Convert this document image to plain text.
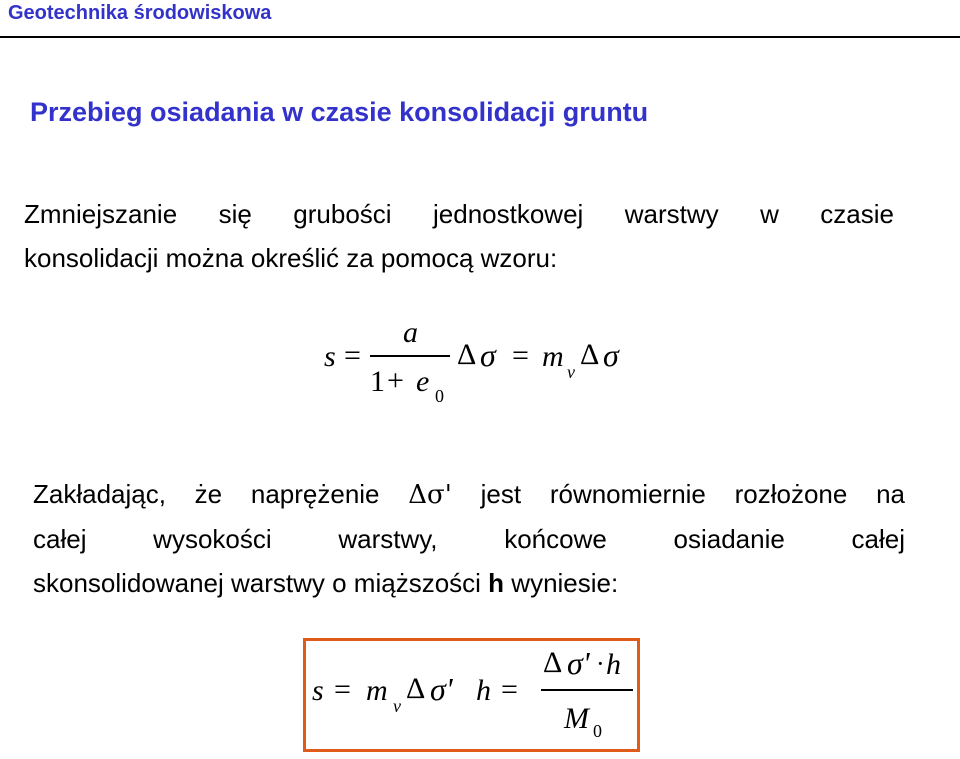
Geotechnika środowiskowa
Przebieg osiadania w czasie konsolidacji gruntu
Zmniejszanie się grubości jednostkowej warstwy w czasie
konsolidacji można określić za pomocą wzoru:
s =
a
1 + e 0
Δ σ = m v
Δ σ
Zakładając, że naprężenie Δσ' jest równomiernie rozłożone na
całej wysokości warstwy, końcowe osiadanie całej
skonsolidowanej warstwy o miąższości h wyniesie:
s = m v
Δ σ' h =
Δ σ' · h
M 0
